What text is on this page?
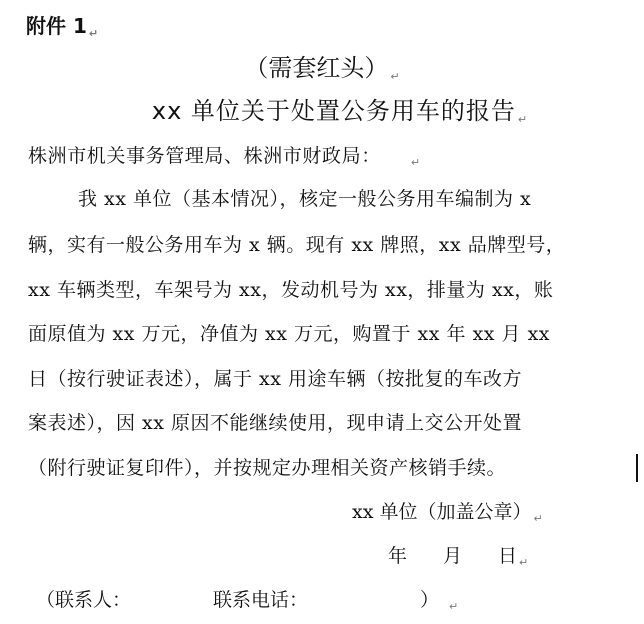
附件 1 $_↵$
（需套红头） ↵
xx 单位关于处置公务用车的报告 ↵
株洲市机关事务管理局、株洲市财政局：	$_↵$
我 xx 单位（基本情况），核定一般公务用车编制为 x
辆，实有一般公务用车为 x 辆。现有 xx 牌照，xx 品牌型号，
xx 车辆类型，车架号为 xx，发动机号为 xx，排量为 xx，账
面原值为 xx 万元，净值为 xx 万元，购置于 xx 年 xx 月 xx
日（按行驶证表述），属于 xx 用途车辆（按批复的车改方
案表述），因 xx 原因不能继续使用，现申请上交公开处置
（附行驶证复印件），并按规定办理相关资产核销手续。
xx 单位（加盖公章） $_↵$
年 月 日 $_↵$
（联系人：	联系电话：	） $_↵$
